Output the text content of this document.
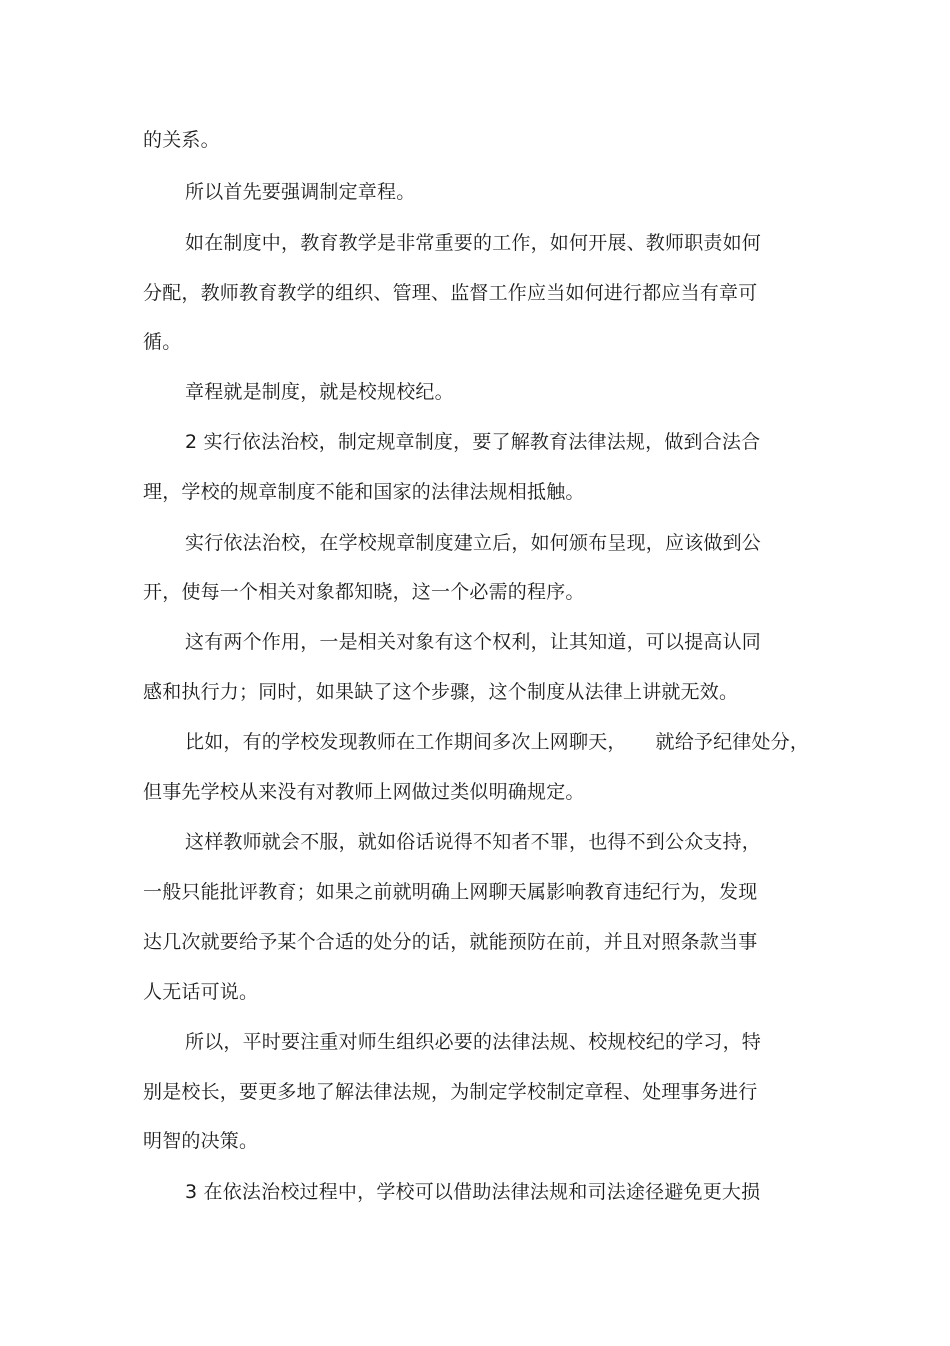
的关系。
所以首先要强调制定章程。
如在制度中，教育教学是非常重要的工作，如何开展、教师职责如何
分配，教师教育教学的组织、管理、监督工作应当如何进行都应当有章可
循。
章程就是制度，就是校规校纪。
2 实行依法治校，制定规章制度，要了解教育法律法规，做到合法合
理，学校的规章制度不能和国家的法律法规相抵触。
实行依法治校，在学校规章制度建立后，如何颁布呈现，应该做到公
开，使每一个相关对象都知晓，这一个必需的程序。
这有两个作用，一是相关对象有这个权利，让其知道，可以提高认同
感和执行力；同时，如果缺了这个步骤，这个制度从法律上讲就无效。
比如，有的学校发现教师在工作期间多次上网聊天，　　就给予纪律处分，
但事先学校从来没有对教师上网做过类似明确规定。
这样教师就会不服，就如俗话说得不知者不罪，也得不到公众支持，
一般只能批评教育；如果之前就明确上网聊天属影响教育违纪行为，发现
达几次就要给予某个合适的处分的话，就能预防在前，并且对照条款当事
人无话可说。
所以，平时要注重对师生组织必要的法律法规、校规校纪的学习，特
别是校长，要更多地了解法律法规，为制定学校制定章程、处理事务进行
明智的决策。
3 在依法治校过程中，学校可以借助法律法规和司法途径避免更大损
